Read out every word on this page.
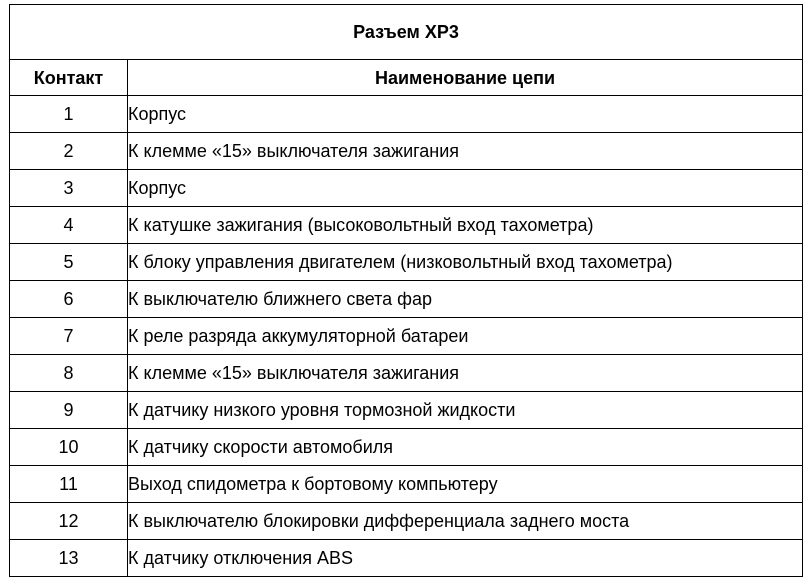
Разъем XP3	
Контакт	Наименование цепи
1	Корпус
2	К клемме «15» выключателя зажигания
3	Корпус
4	К катушке зажигания (высоковольтный вход тахометра)
5	К блоку управления двигателем (низковольтный вход тахометра)
6	К выключателю ближнего света фар
7	К реле разряда аккумуляторной батареи
8	К клемме «15» выключателя зажигания
9	К датчику низкого уровня тормозной жидкости
10	К датчику скорости автомобиля
11	Выход спидометра к бортовому компьютеру
12	К выключателю блокировки дифференциала заднего моста
13	К датчику отключения ABS
